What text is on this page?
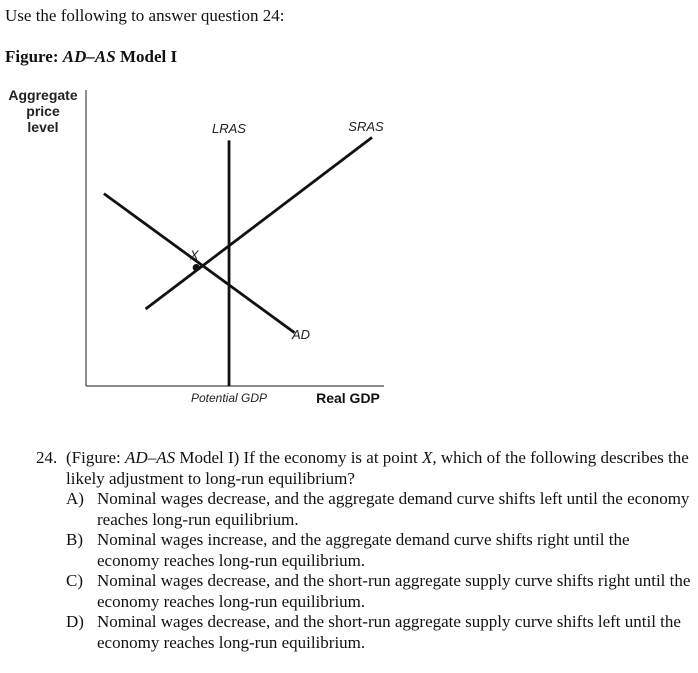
Use the following to answer question 24:
Figure: AD–AS Model I
Aggregate
price
level
X
LRAS	SRAS
AD
Potential GDP	Real GDP
24. (Figure: AD–AS Model I) If the economy is at point X, which of the following describes the likely adjustment to long-run equilibrium?
A) Nominal wages decrease, and the aggregate demand curve shifts left until the economy reaches long-run equilibrium.
B) Nominal wages increase, and the aggregate demand curve shifts right until the economy reaches long-run equilibrium.
C) Nominal wages decrease, and the short-run aggregate supply curve shifts right until the economy reaches long-run equilibrium.
D) Nominal wages decrease, and the short-run aggregate supply curve shifts left until the economy reaches long-run equilibrium.
